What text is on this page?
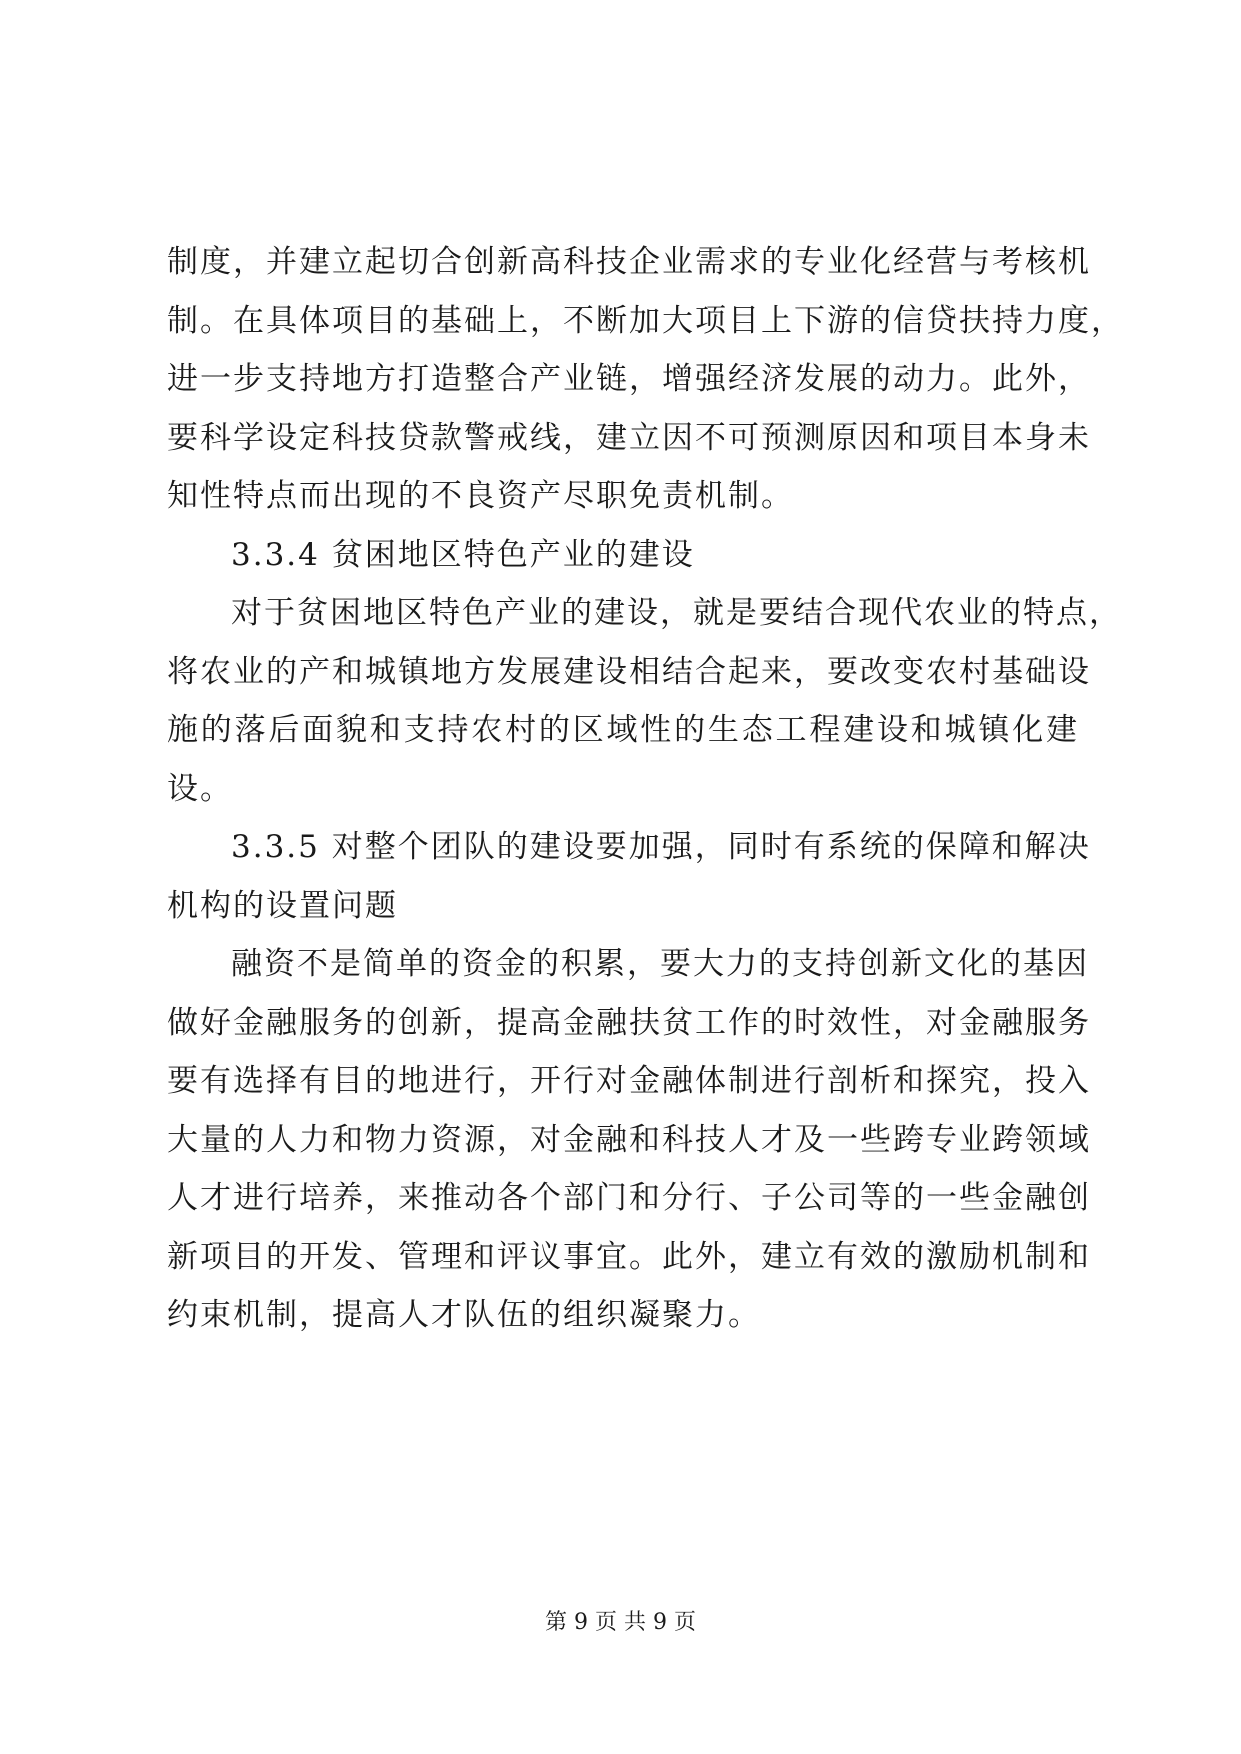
制度，并建立起切合创新高科技企业需求的专业化经营与考核机
制。在具体项目的基础上，不断加大项目上下游的信贷扶持力度，
进一步支持地方打造整合产业链，增强经济发展的动力。此外，
要科学设定科技贷款警戒线，建立因不可预测原因和项目本身未
知性特点而出现的不良资产尽职免责机制。
3.3.4 贫困地区特色产业的建设
对于贫困地区特色产业的建设，就是要结合现代农业的特点，
将农业的产和城镇地方发展建设相结合起来，要改变农村基础设
施的落后面貌和支持农村的区域性的生态工程建设和城镇化建
设。
3.3.5 对整个团队的建设要加强，同时有系统的保障和解决
机构的设置问题
融资不是简单的资金的积累，要大力的支持创新文化的基因
做好金融服务的创新，提高金融扶贫工作的时效性，对金融服务
要有选择有目的地进行，开行对金融体制进行剖析和探究，投入
大量的人力和物力资源，对金融和科技人才及一些跨专业跨领域
人才进行培养，来推动各个部门和分行、子公司等的一些金融创
新项目的开发、管理和评议事宜。此外，建立有效的激励机制和
约束机制，提高人才队伍的组织凝聚力。
第 9 页 共 9 页
